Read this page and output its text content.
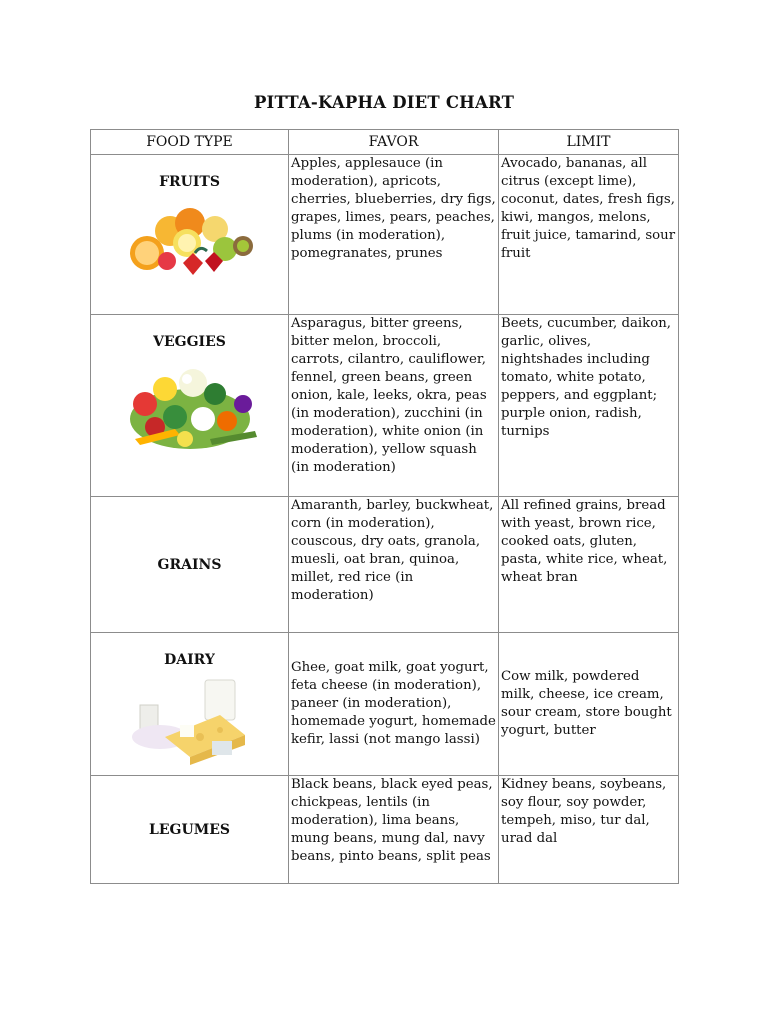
PITTA-KAPHA DIET CHART
FOOD TYPE	FAVOR	LIMIT

FRUITS	Apples, applesauce (in moderation), apricots, cherries, blueberries, dry figs, grapes, limes, pears, peaches, plums (in moderation), pomegranates, prunes	Avocado, bananas, all citrus (except lime), coconut, dates, fresh figs, kiwi, mangos, melons, fruit juice, tamarind, sour fruit

VEGGIES	Asparagus, bitter greens, bitter melon, broccoli, carrots, cilantro, cauliflower, fennel, green beans, green onion, kale, leeks, okra, peas (in moderation), zucchini (in moderation), white onion (in moderation), yellow squash (in moderation)	Beets, cucumber, daikon, garlic, olives, nightshades including tomato, white potato, peppers, and eggplant; purple onion, radish, turnips

GRAINS	Amaranth, barley, buckwheat, corn (in moderation), couscous, dry oats, granola, muesli, oat bran, quinoa, millet, red rice (in moderation)	All refined grains, bread with yeast, brown rice, cooked oats, gluten, pasta, white rice, wheat, wheat bran

DAIRY	Ghee, goat milk, goat yogurt, feta cheese (in moderation), paneer (in moderation), homemade yogurt, homemade kefir, lassi (not mango lassi)	Cow milk, powdered milk, cheese, ice cream, sour cream, store bought yogurt, butter

LEGUMES	Black beans, black eyed peas, chickpeas, lentils (in moderation), lima beans, mung beans, mung dal, navy beans, pinto beans, split peas	Kidney beans, soybeans, soy flour, soy powder, tempeh, miso, tur dal, urad dal
